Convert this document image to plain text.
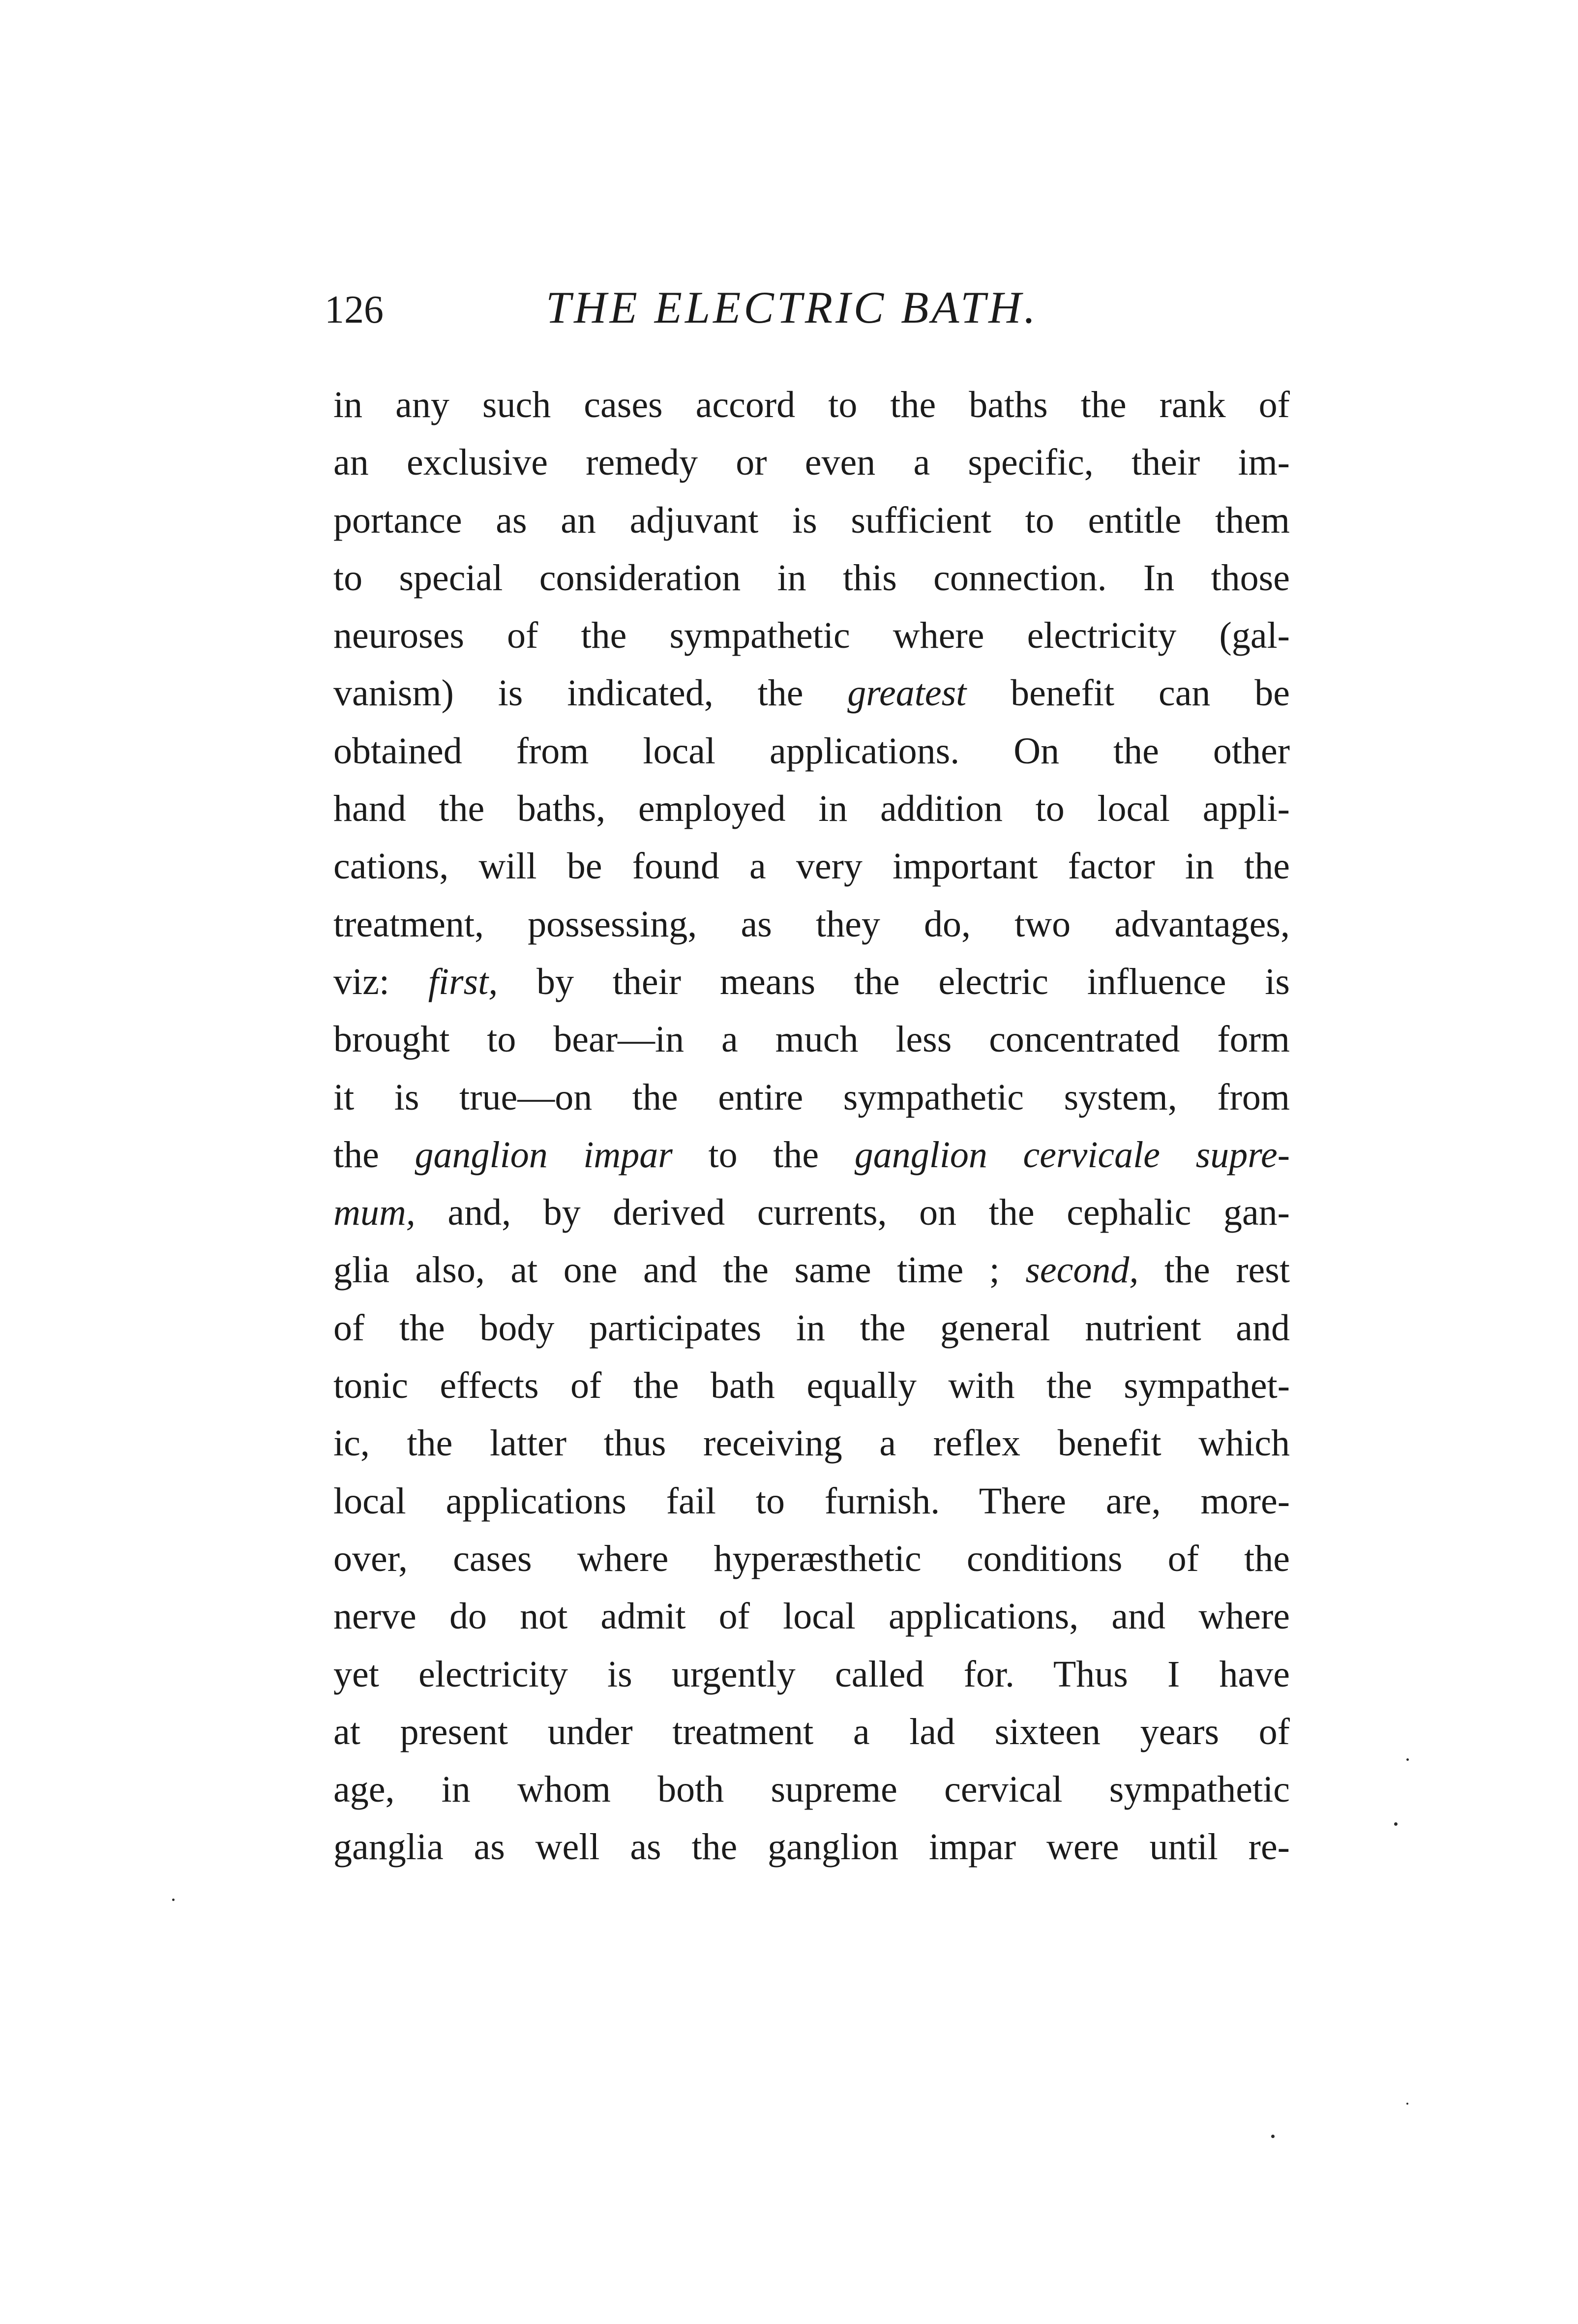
126	THE ELECTRIC BATH.
in any such cases accord to the baths the rank of
an exclusive remedy or even a specific, their im-
portance as an adjuvant is sufficient to entitle them
to special consideration in this connection. In those
neuroses of the sympathetic where electricity (gal-
vanism) is indicated, the greatest benefit can be
obtained from local applications. On the other
hand the baths, employed in addition to local appli-
cations, will be found a very important factor in the
treatment, possessing, as they do, two advantages,
viz: first, by their means the electric influence is
brought to bear—in a much less concentrated form
it is true—on the entire sympathetic system, from
the ganglion impar to the ganglion cervicale supre-
mum, and, by derived currents, on the cephalic gan-
glia also, at one and the same time ; second, the rest
of the body participates in the general nutrient and
tonic effects of the bath equally with the sympathet-
ic, the latter thus receiving a reflex benefit which
local applications fail to furnish. There are, more-
over, cases where hyperæsthetic conditions of the
nerve do not admit of local applications, and where
yet electricity is urgently called for. Thus I have
at present under treatment a lad sixteen years of
age, in whom both supreme cervical sympathetic
ganglia as well as the ganglion impar were until re-
